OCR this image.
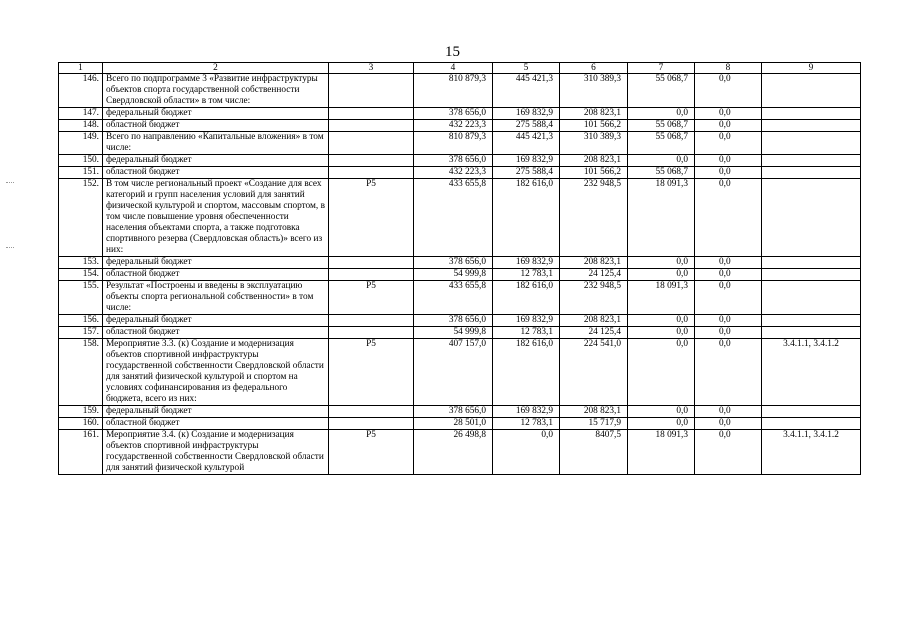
15
1	2	3	4	5	6	7	8	9
146.	Всего по подпрограмме 3 «Развитие инфраструктуры объектов спорта государственной собственности Свердловской области» в том числе:		810 879,3	445 421,3	310 389,3	55 068,7	0,0	
147.	федеральный бюджет		378 656,0	169 832,9	208 823,1	0,0	0,0	
148.	областной бюджет		432 223,3	275 588,4	101 566,2	55 068,7	0,0	
149.	Всего по направлению «Капитальные вложения» в том числе:		810 879,3	445 421,3	310 389,3	55 068,7	0,0	
150.	федеральный бюджет		378 656,0	169 832,9	208 823,1	0,0	0,0	
151.	областной бюджет		432 223,3	275 588,4	101 566,2	55 068,7	0,0	
152.	В том числе региональный проект «Создание для всех категорий и групп населения условий для занятий физической культурой и спортом, массовым спортом, в том числе повышение уровня обеспеченности населения объектами спорта, а также подготовка спортивного резерва (Свердловская область)» всего из них:	P5	433 655,8	182 616,0	232 948,5	18 091,3	0,0	
153.	федеральный бюджет		378 656,0	169 832,9	208 823,1	0,0	0,0	
154.	областной бюджет		54 999,8	12 783,1	24 125,4	0,0	0,0	
155.	Результат «Построены и введены в эксплуатацию объекты спорта региональной собственности» в том числе:	P5	433 655,8	182 616,0	232 948,5	18 091,3	0,0	
156.	федеральный бюджет		378 656,0	169 832,9	208 823,1	0,0	0,0	
157.	областной бюджет		54 999,8	12 783,1	24 125,4	0,0	0,0	
158.	Мероприятие 3.3. (к) Создание и модернизация объектов спортивной инфраструктуры государственной собственности Свердловской области для занятий физической культурой и спортом на условиях софинансирования из федерального бюджета, всего из них:	P5	407 157,0	182 616,0	224 541,0	0,0	0,0	3.4.1.1, 3.4.1.2
159.	федеральный бюджет		378 656,0	169 832,9	208 823,1	0,0	0,0	
160.	областной бюджет		28 501,0	12 783,1	15 717,9	0,0	0,0	
161.	Мероприятие 3.4. (к) Создание и модернизация объектов спортивной инфраструктуры государственной собственности Свердловской области для занятий физической культурой	P5	26 498,8	0,0	8407,5	18 091,3	0,0	3.4.1.1, 3.4.1.2
